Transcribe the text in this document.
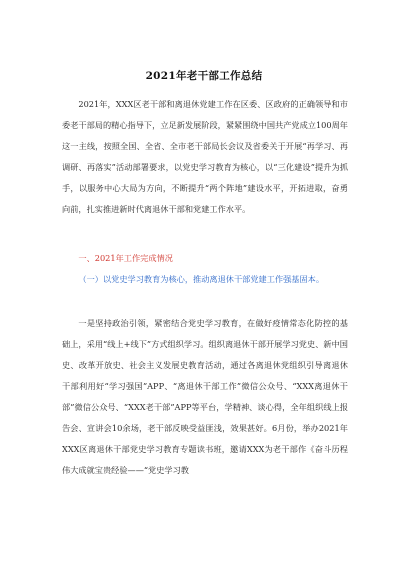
2021年老干部工作总结

2021年，XXX区老干部和离退休党建工作在区委、区政府的正确领导和市委老干部局的精心指导下，立足新发展阶段，紧紧围绕中国共产党成立100周年这一主线，按照全国、全省、全市老干部局长会议及省委关于开展“再学习、再调研、再落实”活动部署要求，以党史学习教育为核心，以“三化建设”提升为抓手，以服务中心大局为方向，不断提升“两个阵地”建设水平，开拓进取，奋勇向前，扎实推进新时代离退休干部和党建工作水平。

一、2021年工作完成情况

（一）以党史学习教育为核心，推动离退休干部党建工作强基固本。

一是坚持政治引领，紧密结合党史学习教育，在做好疫情常态化防控的基础上，采用“线上+线下”方式组织学习。组织离退休干部开展学习党史、新中国史、改革开放史、社会主义发展史教育活动，通过各离退休党组织引导离退休干部利用好“学习强国”APP、“离退休干部工作”微信公众号、“XXX离退休干部”微信公众号、“XXX老干部”APP等平台，学精神、谈心得，全年组织线上报告会、宣讲会10余场，老干部反映受益匪浅，效果甚好。6月份，举办2021年XXX区离退休干部党史学习教育专题读书班，邀请XXX为老干部作《奋斗历程伟大成就宝贵经验——“党史学习教
